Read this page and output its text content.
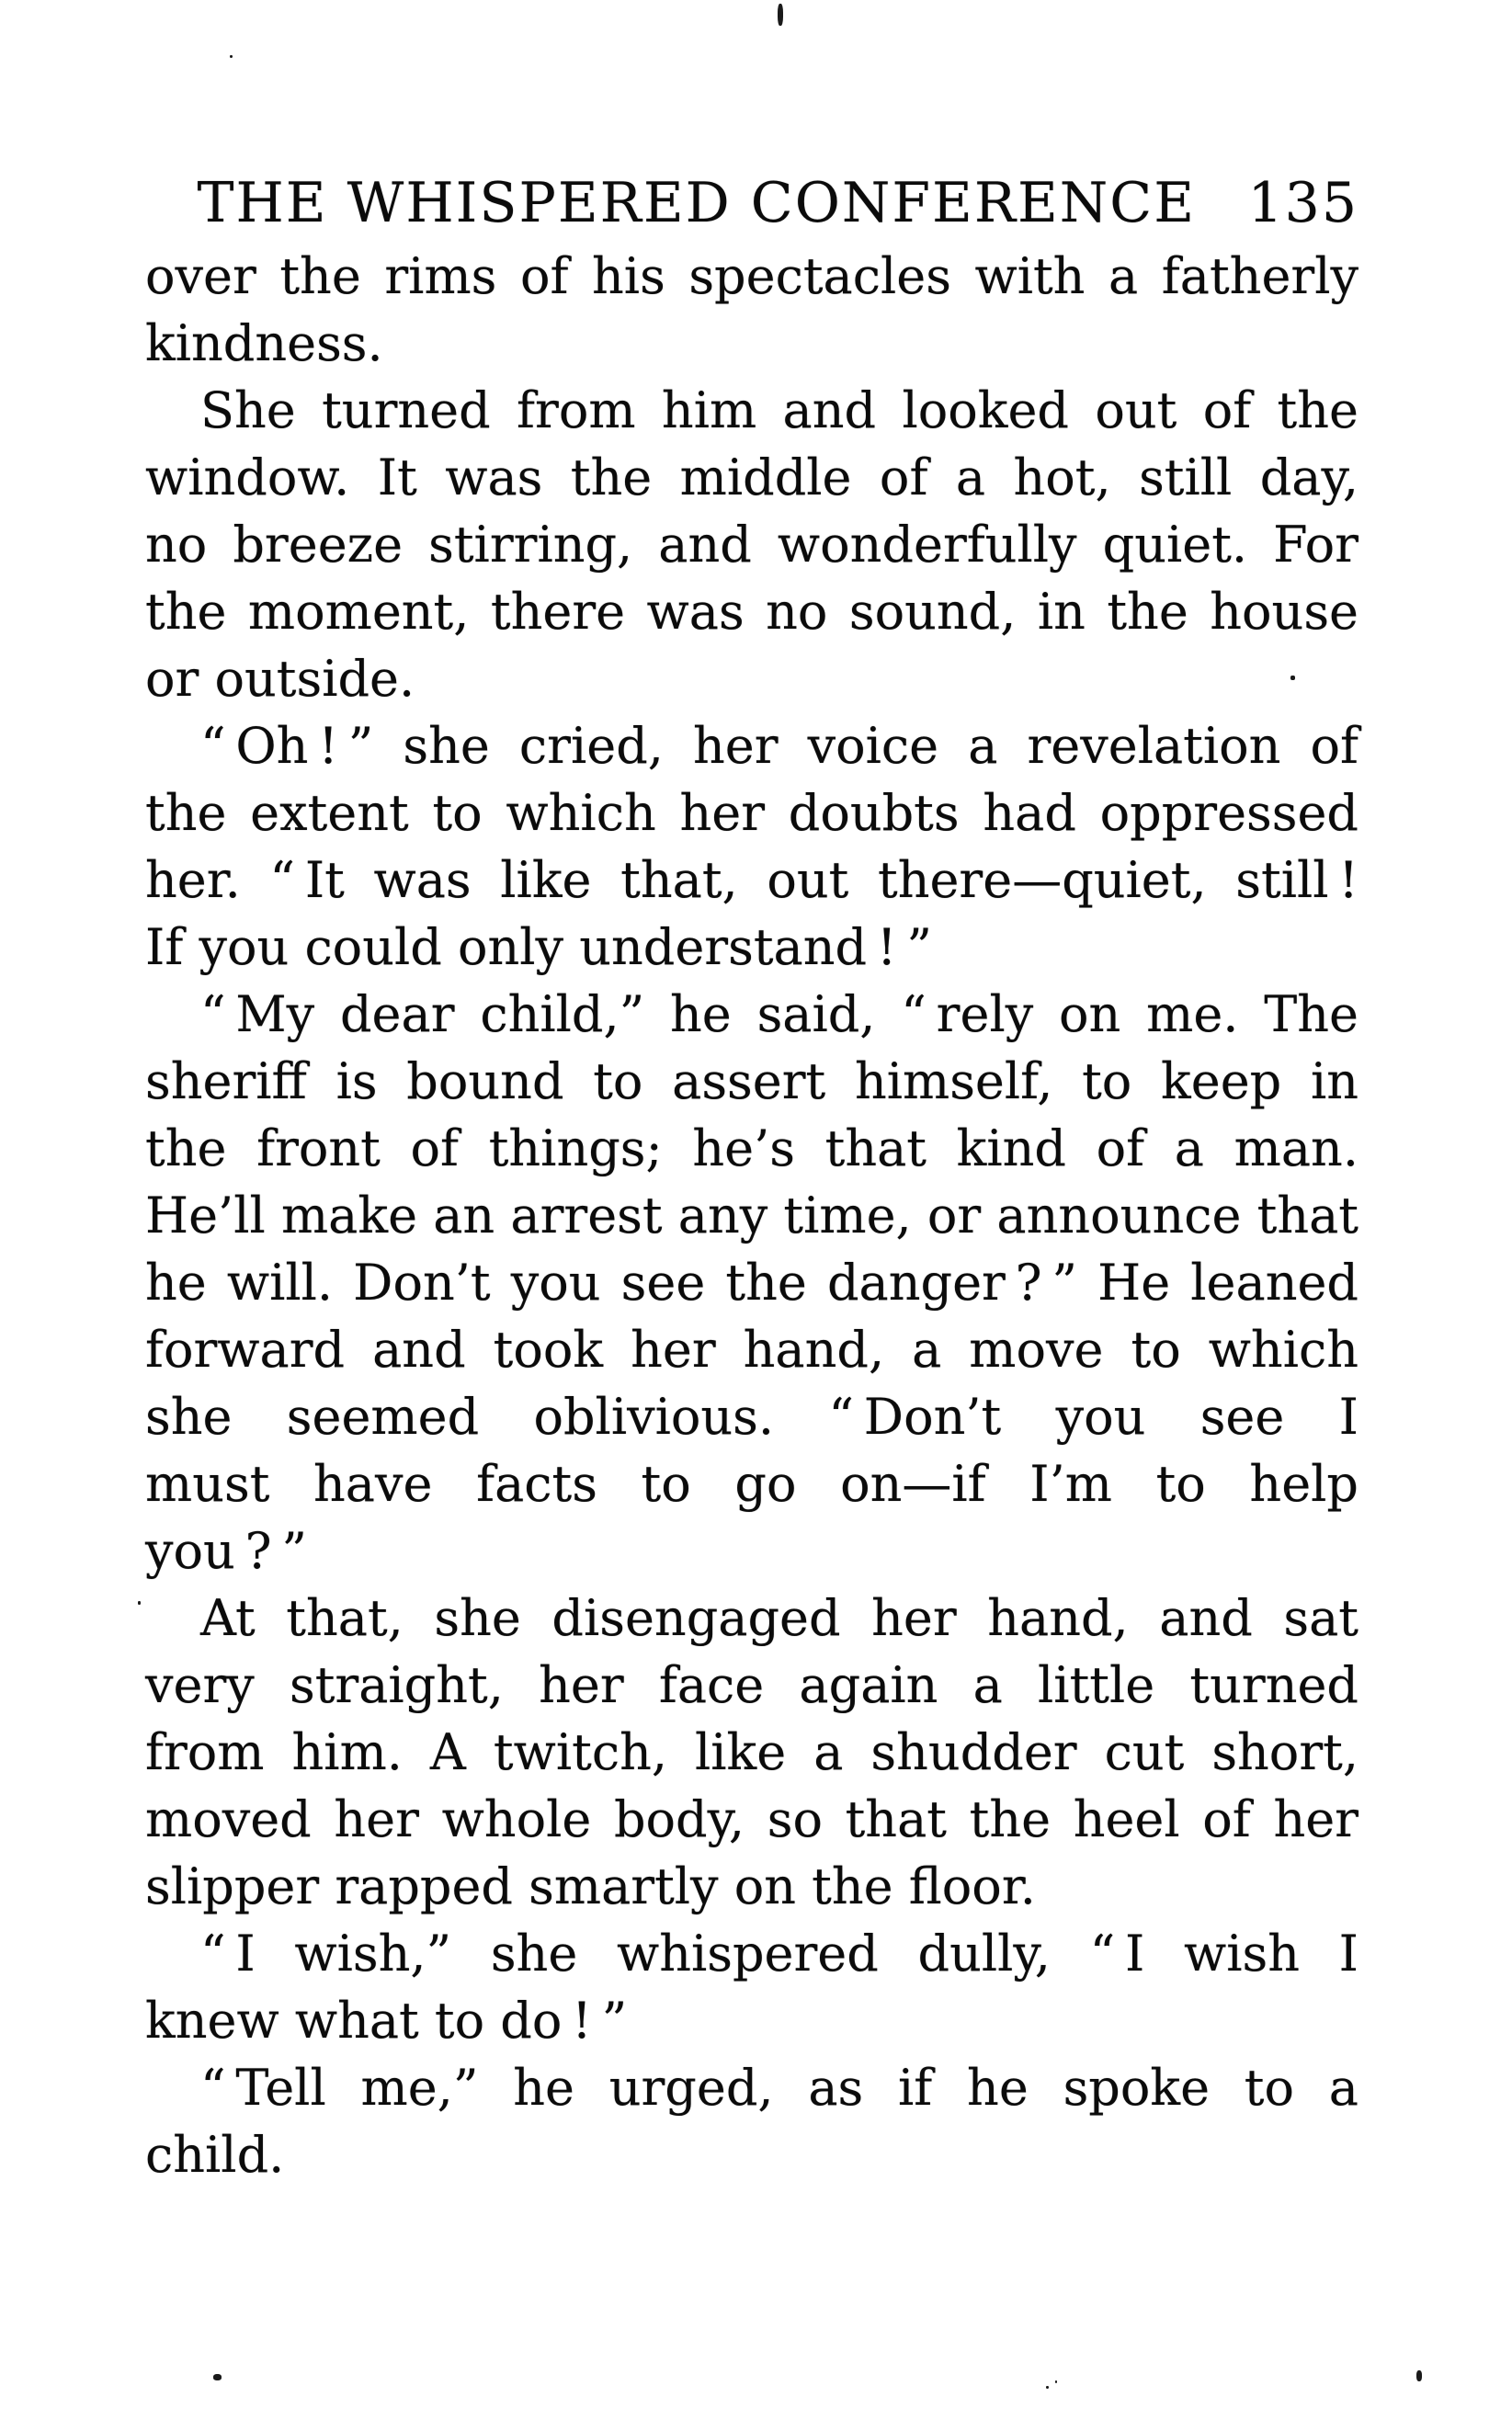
THE WHISPERED CONFERENCE 135
over the rims of his spectacles with a fatherly
kindness.
She turned from him and looked out of the
window. It was the middle of a hot, still day,
no breeze stirring, and wonderfully quiet. For
the moment, there was no sound, in the house
or outside.
“ Oh ! ” she cried, her voice a revelation of
the extent to which her doubts had oppressed
her. “ It was like that, out there—quiet, still !
If you could only understand ! ”
“ My dear child,” he said, “ rely on me. The
sheriff is bound to assert himself, to keep in
the front of things; he’s that kind of a man.
He’ll make an arrest any time, or announce that
he will. Don’t you see the danger ? ” He leaned
forward and took her hand, a move to which
she seemed oblivious. “ Don’t you see I
must have facts to go on—if I’m to help
you ? ”
At that, she disengaged her hand, and sat
very straight, her face again a little turned
from him. A twitch, like a shudder cut short,
moved her whole body, so that the heel of her
slipper rapped smartly on the floor.
“ I wish,” she whispered dully, “ I wish I
knew what to do ! ”
“ Tell me,” he urged, as if he spoke to a
child.
